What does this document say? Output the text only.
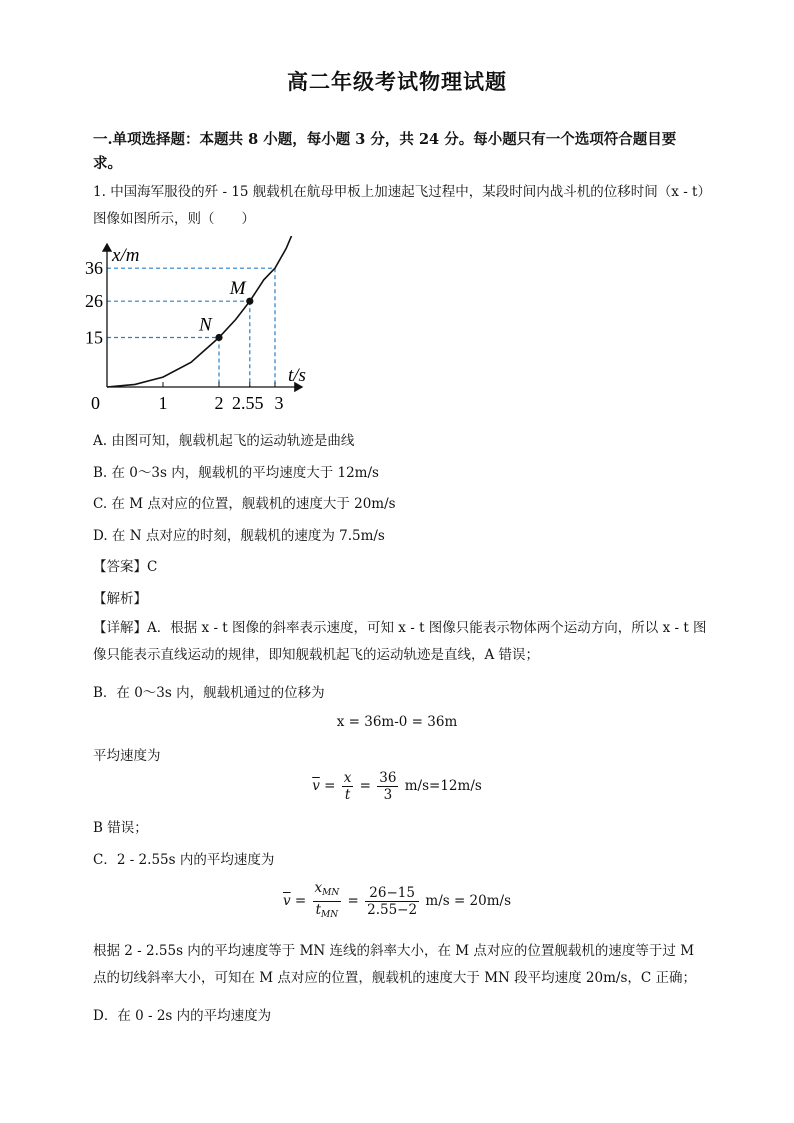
高二年级考试物理试题
一.单项选择题：本题共 8 小题，每小题 3 分，共 24 分。每小题只有一个选项符合题目要求。
1. 中国海军服役的歼 - 15 舰载机在航母甲板上加速起飞过程中，某段时间内战斗机的位移时间（x - t）图像如图所示，则（　　）
1	2 2.55 3
15
26
36
N
M
x/m
t/s
0
A. 由图可知，舰载机起飞的运动轨迹是曲线
B. 在 0～3s 内，舰载机的平均速度大于 12m/s
C. 在 M 点对应的位置，舰载机的速度大于 20m/s
D. 在 N 点对应的时刻，舰载机的速度为 7.5m/s
【答案】C
【解析】
【详解】A．根据 x - t 图像的斜率表示速度，可知 x - t 图像只能表示物体两个运动方向，所以 x - t 图像只能表示直线运动的规律，即知舰载机起飞的运动轨迹是直线，A 错误；
B．在 0～3s 内，舰载机通过的位移为
x = 36m-0 = 36m
平均速度为
$\overline{v} = \frac{x}{t} = \frac{36}{3} m/s=12m/s$
B 错误；
C．2 - 2.55s 内的平均速度为
$\overline{v} = \frac{x_{MN}}{t_{MN}} = \frac{26-15}{2.55-2} m/s = 20m/s$
根据 2 - 2.55s 内的平均速度等于 MN 连线的斜率大小，在 M 点对应的位置舰载机的速度等于过 M 点的切线斜率大小，可知在 M 点对应的位置，舰载机的速度大于 MN 段平均速度 20m/s，C 正确；
D．在 0 - 2s 内的平均速度为
